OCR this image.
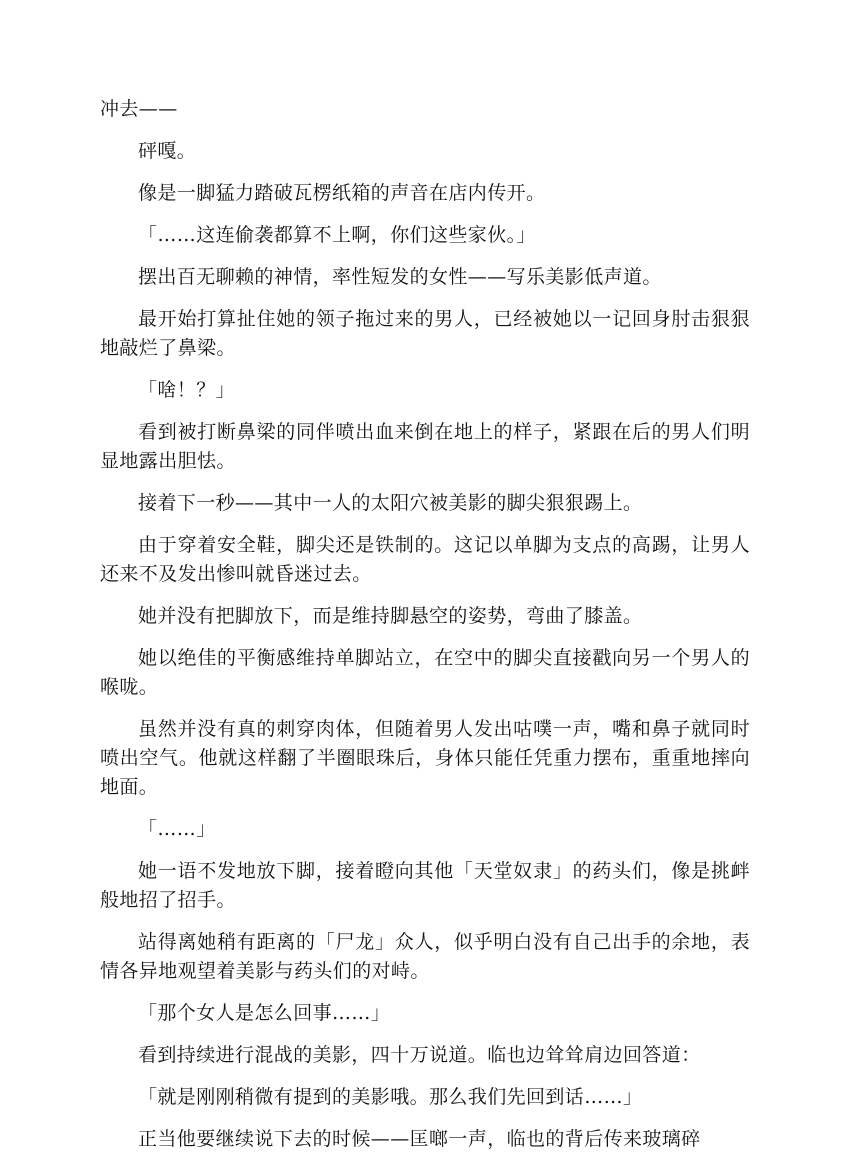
冲去——

砰嘎。

像是一脚猛力踏破瓦楞纸箱的声音在店内传开。

「……这连偷袭都算不上啊，你们这些家伙。」

摆出百无聊赖的神情，率性短发的女性——写乐美影低声道。

最开始打算扯住她的领子拖过来的男人，已经被她以一记回身肘击狠狠地敲烂了鼻梁。

「啥！？」

看到被打断鼻梁的同伴喷出血来倒在地上的样子，紧跟在后的男人们明显地露出胆怯。

接着下一秒——其中一人的太阳穴被美影的脚尖狠狠踢上。

由于穿着安全鞋，脚尖还是铁制的。这记以单脚为支点的高踢，让男人还来不及发出惨叫就昏迷过去。

她并没有把脚放下，而是维持脚悬空的姿势，弯曲了膝盖。

她以绝佳的平衡感维持单脚站立，在空中的脚尖直接戳向另一个男人的喉咙。

虽然并没有真的刺穿肉体，但随着男人发出咕噗一声，嘴和鼻子就同时喷出空气。他就这样翻了半圈眼珠后，身体只能任凭重力摆布，重重地摔向地面。

「……」

她一语不发地放下脚，接着瞪向其他「天堂奴隶」的药头们，像是挑衅般地招了招手。

站得离她稍有距离的「尸龙」众人，似乎明白没有自己出手的余地，表情各异地观望着美影与药头们的对峙。

「那个女人是怎么回事……」

看到持续进行混战的美影，四十万说道。临也边耸耸肩边回答道：

「就是刚刚稍微有提到的美影哦。那么我们先回到话……」

正当他要继续说下去的时候——匡啷一声，临也的背后传来玻璃碎
